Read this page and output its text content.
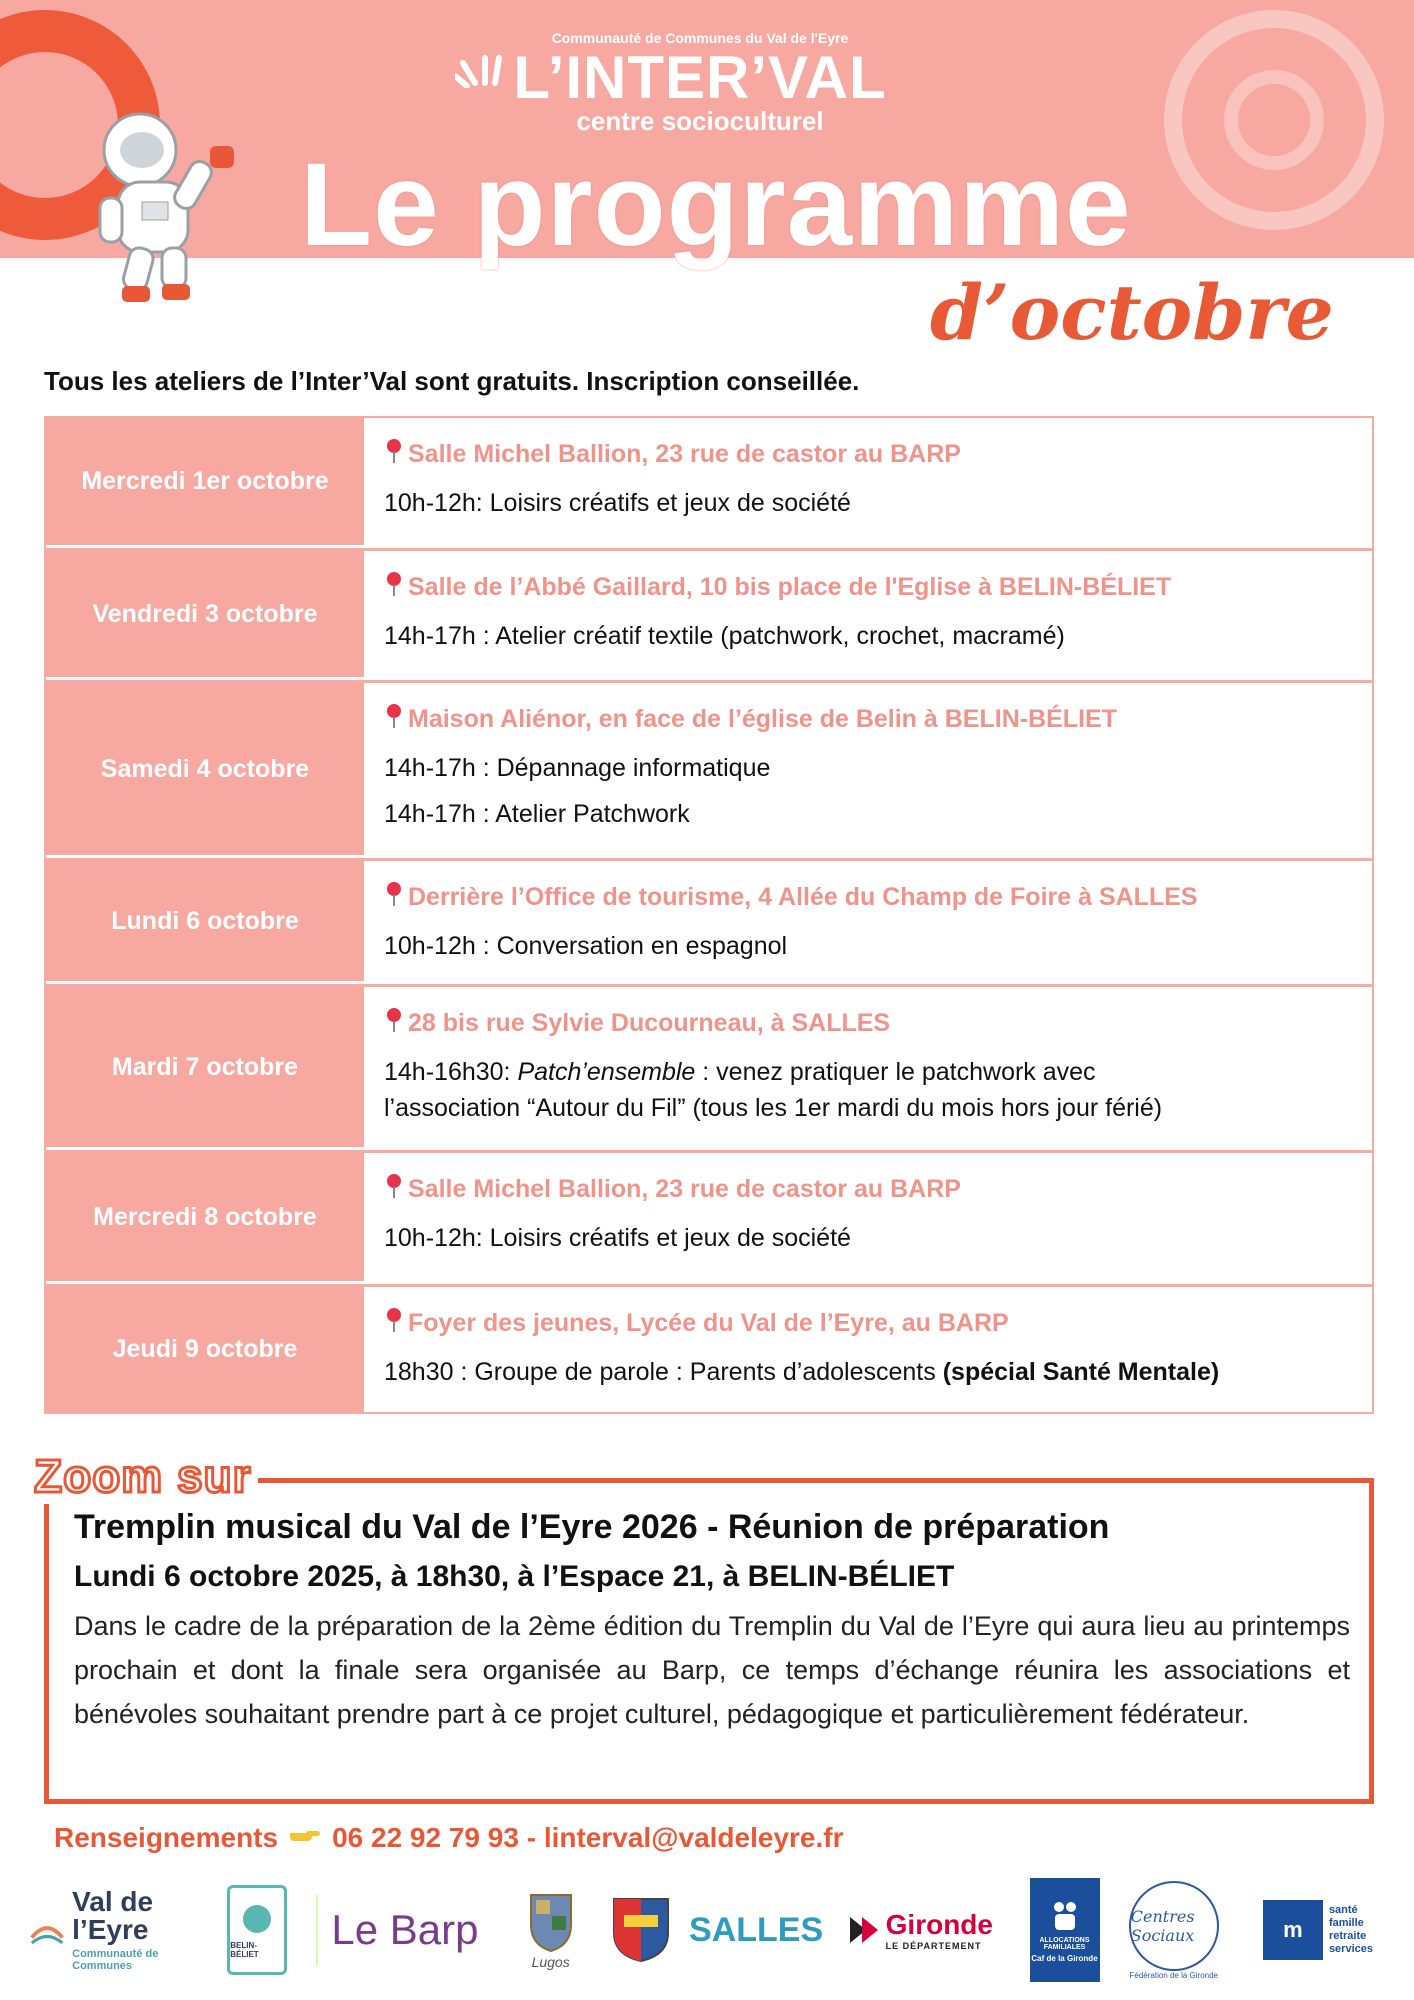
Communauté de Communes du Val de l'Eyre
L’INTER’VAL
centre socioculturel
Le programme
d’octobre
Tous les ateliers de l’Inter’Val sont gratuits. Inscription conseillée.
Mercredi 1er octobre
Salle Michel Ballion, 23 rue de castor au BARP
10h-12h: Loisirs créatifs et jeux de société
Vendredi 3 octobre
Salle de l’Abbé Gaillard, 10 bis place de l'Eglise à BELIN-BÉLIET
14h-17h : Atelier créatif textile (patchwork, crochet, macramé)
Samedi 4 octobre
Maison Aliénor, en face de l’église de Belin à BELIN-BÉLIET
14h-17h : Dépannage informatique
14h-17h : Atelier Patchwork
Lundi 6 octobre
Derrière l’Office de tourisme, 4 Allée du Champ de Foire à SALLES
10h-12h : Conversation en espagnol
Mardi 7 octobre
28 bis rue Sylvie Ducourneau, à SALLES
14h-16h30: Patch’ensemble : venez pratiquer le patchwork avec
l’association “Autour du Fil” (tous les 1er mardi du mois hors jour férié)
Mercredi 8 octobre
Salle Michel Ballion, 23 rue de castor au BARP
10h-12h: Loisirs créatifs et jeux de société
Jeudi 9 octobre
Foyer des jeunes, Lycée du Val de l’Eyre, au BARP
18h30 : Groupe de parole : Parents d’adolescents (spécial Santé Mentale)
Zoom sur
Tremplin musical du Val de l’Eyre 2026 - Réunion de préparation
Lundi 6 octobre 2025, à 18h30, à l’Espace 21, à BELIN-BÉLIET
Dans le cadre de la préparation de la 2ème édition du Tremplin du Val de l’Eyre qui aura lieu au printemps prochain et dont la finale sera organisée au Barp, ce temps d’échange réunira les associations et bénévoles souhaitant prendre part à ce projet culturel, pédagogique et particulièrement fédérateur.
Renseignements 06 22 92 79 93 - linterval@valdeleyre.fr
Val de l’Eyre
Communauté de Communes
BELIN-BÉLIET
Le Barp
Lugos
SALLES Gironde
LE DÉPARTEMENT
ALLOCATIONS FAMILIALES
Caf de la Gironde
Centres Sociaux
Fédération de la Gironde
m
santé
famille
retraite
services
